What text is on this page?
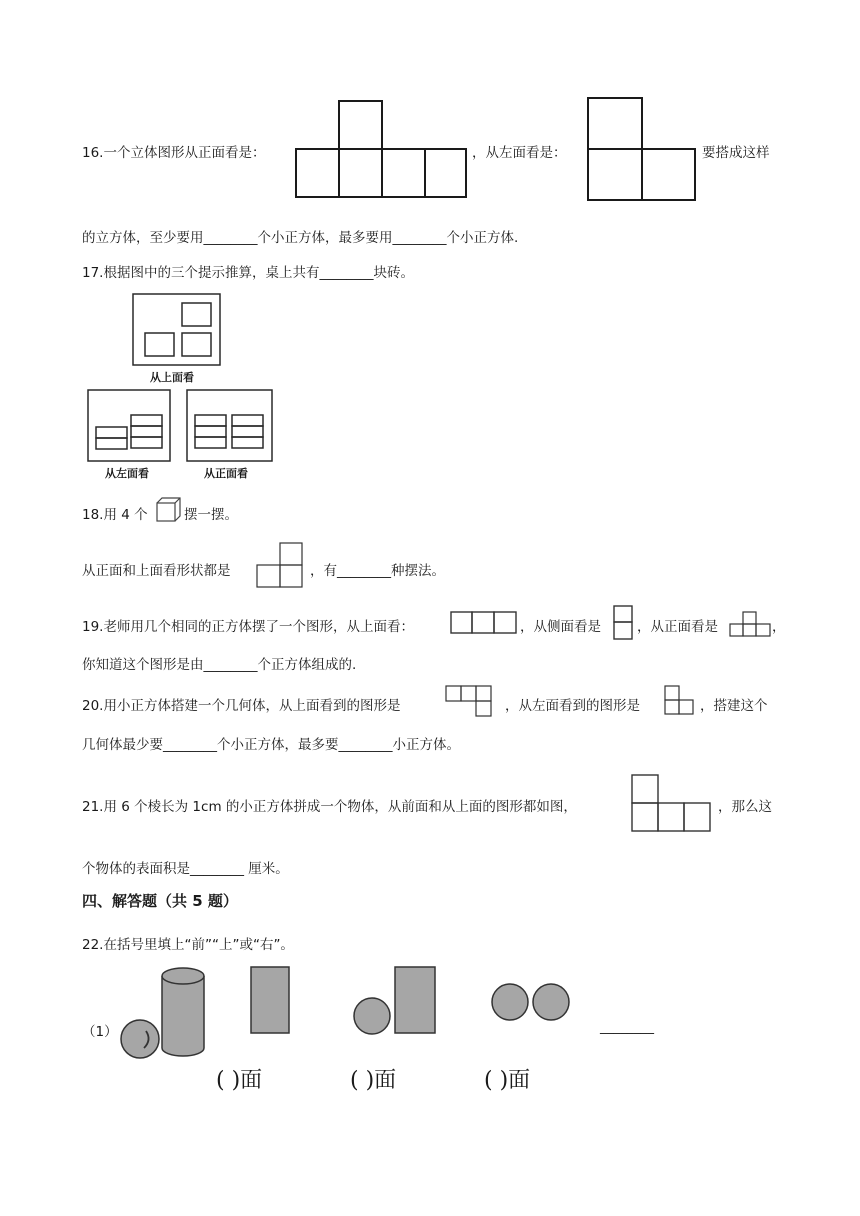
16.一个立体图形从正面看是：	，从左面看是：	要搭成这样
的立方体，至少要用________个小正方体，最多要用________个小正方体.
17.根据图中的三个提示推算，桌上共有________块砖。
从上面看
从左面看	从正面看
18.用 4 个	摆一摆。
从正面和上面看形状都是	，有________种摆法。
19.老师用几个相同的正方体摆了一个图形，从上面看：	，从侧面看是	，从正面看是	，
你知道这个图形是由________个正方体组成的.
20.用小正方体搭建一个几何体，从上面看到的图形是	，从左面看到的图形是	，搭建这个
几何体最少要________个小正方体，最多要________小正方体。
21.用 6 个棱长为 1cm 的小正方体拼成一个物体，从前面和从上面的图形都如图，	，那么这
个物体的表面积是________ 厘米。
四、解答题（共 5 题）
22.在括号里填上“前”“上”或“右”。
（1）	________
( )面	( )面	( )面
